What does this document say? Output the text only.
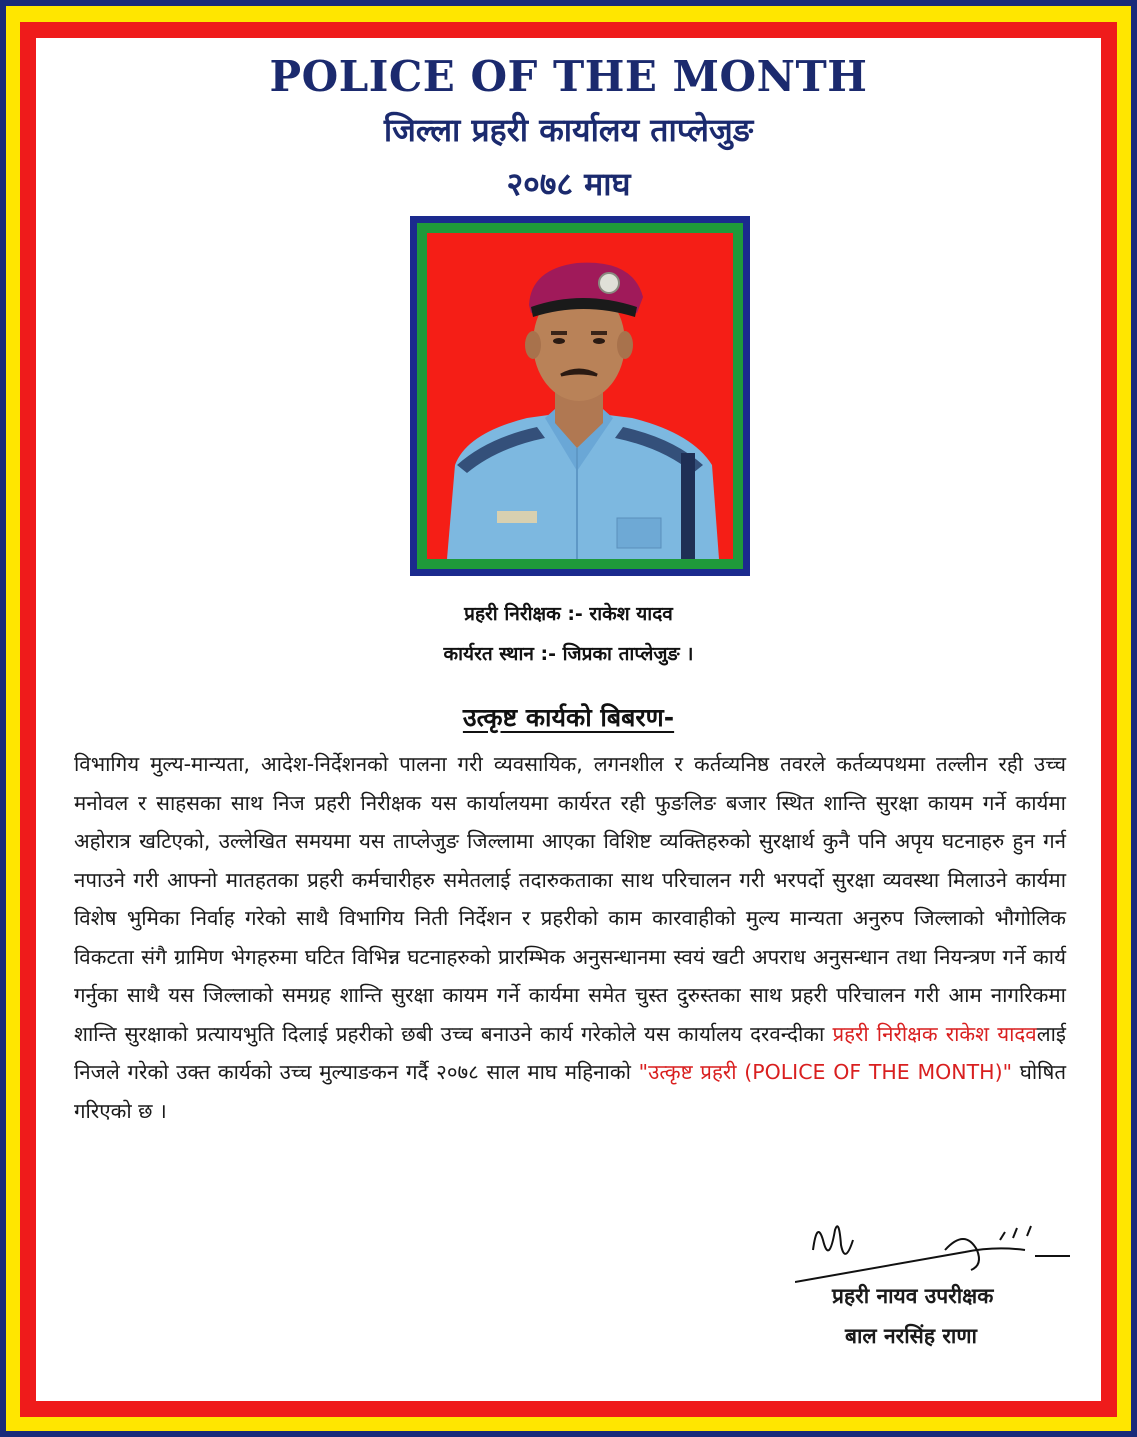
POLICE OF THE MONTH
जिल्ला प्रहरी कार्यालय ताप्लेजुङ
२०७८ माघ
प्रहरी निरीक्षक :- राकेश यादव
कार्यरत स्थान :- जिप्रका ताप्लेजुङ ।
उत्कृष्ट कार्यको बिबरण-
विभागिय मुल्य-मान्यता, आदेश-निर्देशनको पालना गरी व्यवसायिक, लगनशील र कर्तव्यनिष्ठ तवरले कर्तव्यपथमा तल्लीन रही उच्च मनोवल र साहसका साथ निज प्रहरी निरीक्षक यस कार्यालयमा कार्यरत रही फुङलिङ बजार स्थित शान्ति सुरक्षा कायम गर्ने कार्यमा अहोरात्र खटिएको, उल्लेखित समयमा यस ताप्लेजुङ जिल्लामा आएका विशिष्ट व्यक्तिहरुको सुरक्षार्थ कुनै पनि अपृय घटनाहरु हुन गर्न नपाउने गरी आफ्नो मातहतका प्रहरी कर्मचारीहरु समेतलाई तदारुकताका साथ परिचालन गरी भरपर्दो सुरक्षा व्यवस्था मिलाउने कार्यमा विशेष भुमिका निर्वाह गरेको साथै विभागिय निती निर्देशन र प्रहरीको काम कारवाहीको मुल्य मान्यता अनुरुप जिल्लाको भौगोलिक विकटता संगै ग्रामिण भेगहरुमा घटित विभिन्न घटनाहरुको प्रारम्भिक अनुसन्धानमा स्वयं खटी अपराध अनुसन्धान तथा नियन्त्रण गर्ने कार्य गर्नुका साथै यस जिल्लाको समग्रह शान्ति सुरक्षा कायम गर्ने कार्यमा समेत चुस्त दुरुस्तका साथ प्रहरी परिचालन गरी आम नागरिकमा शान्ति सुरक्षाको प्रत्यायभुति दिलाई प्रहरीको छबी उच्च बनाउने कार्य गरेकोले यस कार्यालय दरवन्दीका प्रहरी निरीक्षक राकेश यादवलाई निजले गरेको उक्त कार्यको उच्च मुल्याङकन गर्दै २०७८ साल माघ महिनाको "उत्कृष्ट प्रहरी (POLICE OF THE MONTH)" घोषित गरिएको छ ।
प्रहरी नायव उपरीक्षक
बाल नरसिंह राणा
